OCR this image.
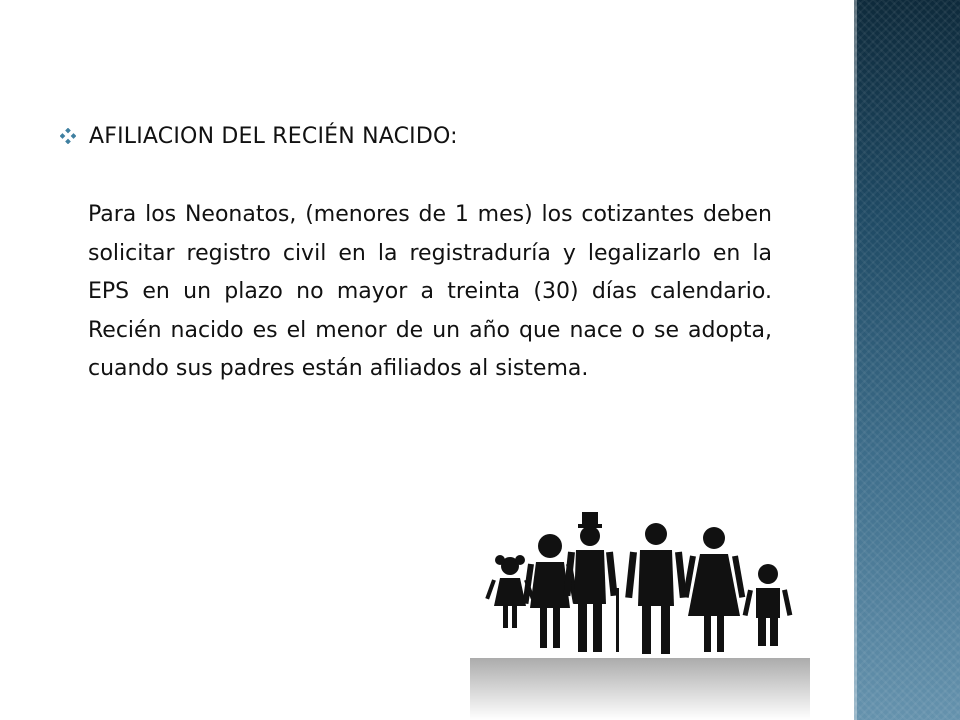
AFILIACION DEL RECIÉN NACIDO:

Para los Neonatos, (menores de 1 mes) los cotizantes deben solicitar registro civil en la registraduría y legalizarlo en la EPS en un plazo no mayor a treinta (30) días calendario. Recién nacido es el menor de un año que nace o se adopta, cuando sus padres están afiliados al sistema.
